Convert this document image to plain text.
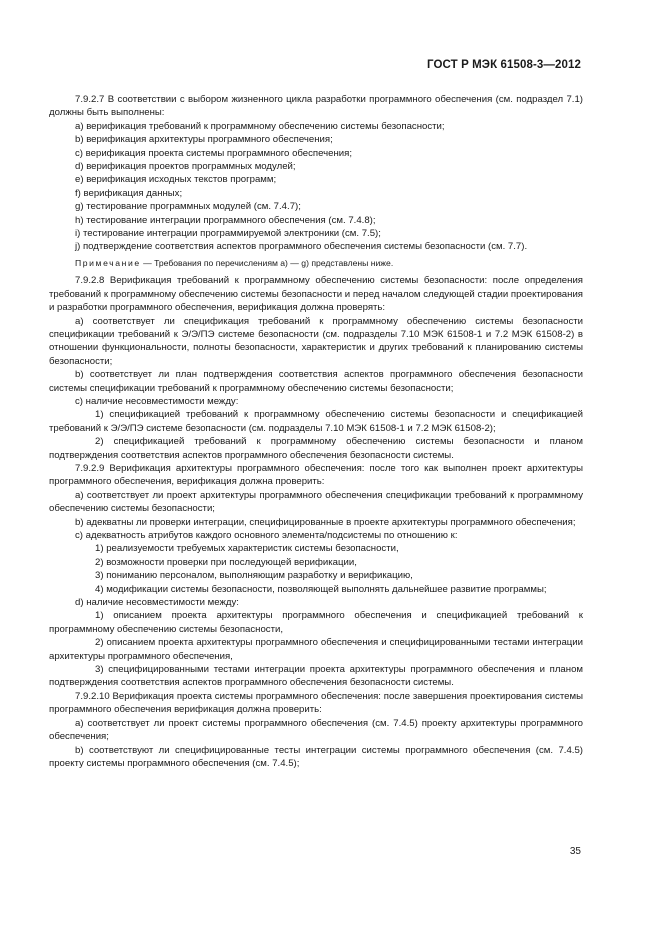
ГОСТ Р МЭК 61508-3—2012

7.9.2.7 В соответствии с выбором жизненного цикла разработки программного обеспечения (см. подраздел 7.1) должны быть выполнены:

a) верификация требований к программному обеспечению системы безопасности;

b) верификация архитектуры программного обеспечения;

c) верификация проекта системы программного обеспечения;

d) верификация проектов программных модулей;

e) верификация исходных текстов программ;

f) верификация данных;

g) тестирование программных модулей (см. 7.4.7);

h) тестирование интеграции программного обеспечения (см. 7.4.8);

i) тестирование интеграции программируемой электроники (см. 7.5);

j) подтверждение соответствия аспектов программного обеспечения системы безопасности (см. 7.7).

Примечание — Требования по перечислениям a) — g) представлены ниже.

7.9.2.8 Верификация требований к программному обеспечению системы безопасности: после определения требований к программному обеспечению системы безопасности и перед началом следующей стадии проектирования и разработки программного обеспечения, верификация должна проверять:

a) соответствует ли спецификация требований к программному обеспечению системы безопасности спецификации требований к Э/Э/ПЭ системе безопасности (см. подразделы 7.10 МЭК 61508-1 и 7.2 МЭК 61508-2) в отношении функциональности, полноты безопасности, характеристик и других требований к планированию системы безопасности;

b) соответствует ли план подтверждения соответствия аспектов программного обеспечения безопасности системы спецификации требований к программному обеспечению системы безопасности;

c) наличие несовместимости между:

1) спецификацией требований к программному обеспечению системы безопасности и спецификацией требований к Э/Э/ПЭ системе безопасности (см. подразделы 7.10 МЭК 61508-1 и 7.2 МЭК 61508-2);

2) спецификацией требований к программному обеспечению системы безопасности и планом подтверждения соответствия аспектов программного обеспечения безопасности системы.

7.9.2.9 Верификация архитектуры программного обеспечения: после того как выполнен проект архитектуры программного обеспечения, верификация должна проверить:

a) соответствует ли проект архитектуры программного обеспечения спецификации требований к программному обеспечению системы безопасности;

b) адекватны ли проверки интеграции, специфицированные в проекте архитектуры программного обеспечения;

c) адекватность атрибутов каждого основного элемента/подсистемы по отношению к:

1) реализуемости требуемых характеристик системы безопасности,

2) возможности проверки при последующей верификации,

3) пониманию персоналом, выполняющим разработку и верификацию,

4) модификации системы безопасности, позволяющей выполнять дальнейшее развитие программы;

d) наличие несовместимости между:

1) описанием проекта архитектуры программного обеспечения и спецификацией требований к программному обеспечению системы безопасности,

2) описанием проекта архитектуры программного обеспечения и специфицированными тестами интеграции архитектуры программного обеспечения,

3) специфицированными тестами интеграции проекта архитектуры программного обеспечения и планом подтверждения соответствия аспектов программного обеспечения безопасности системы.

7.9.2.10 Верификация проекта системы программного обеспечения: после завершения проектирования системы программного обеспечения верификация должна проверить:

a) соответствует ли проект системы программного обеспечения (см. 7.4.5) проекту архитектуры программного обеспечения;

b) соответствуют ли специфицированные тесты интеграции системы программного обеспечения (см. 7.4.5) проекту системы программного обеспечения (см. 7.4.5);

35
